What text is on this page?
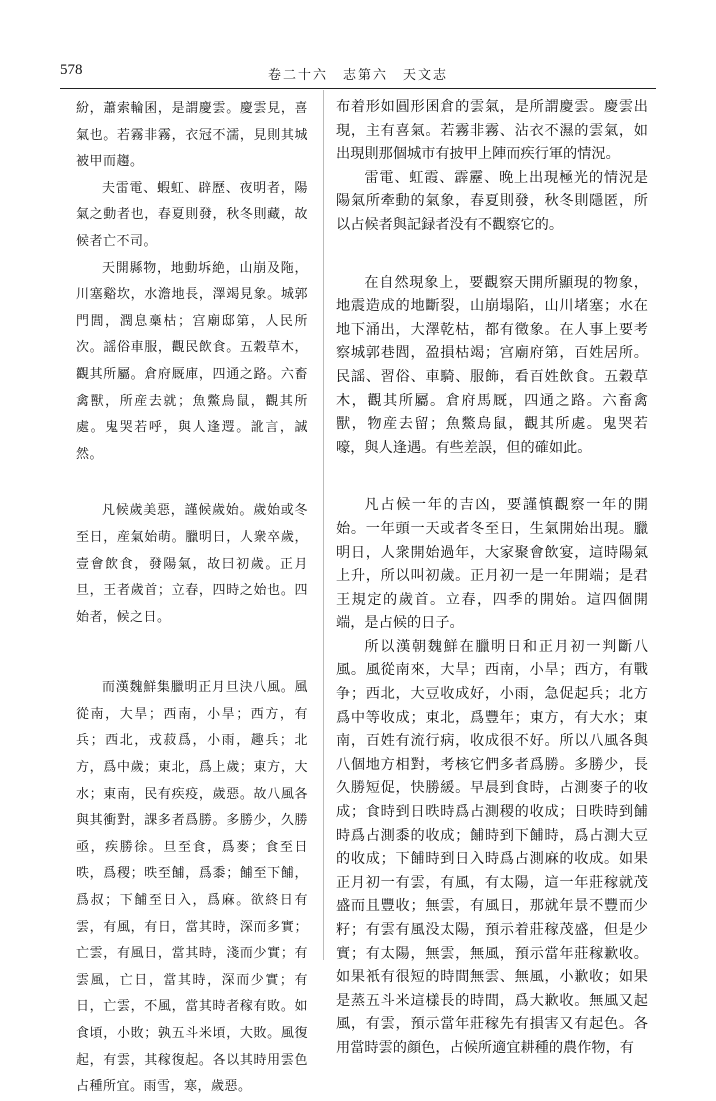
578	卷二十六　志第六　天文志

紛，蕭索輪囷，是謂慶雲。慶雲見，喜氣也。若霧非霧，衣冠不濡，見則其城被甲而趨。

夫雷電、蝦虹、辟歷、夜明者，陽氣之動者也，春夏則發，秋冬則藏，故候者亡不司。

天開縣物，地動坼絶，山崩及陁，川塞谿坎，水澹地長，澤竭見象。城郭門閭，潤息槀枯；宫廟邸第，人民所次。謡俗車服，觀民飲食。五穀草木，觀其所屬。倉府厩庫，四通之路。六畜禽獸，所産去就；魚鱉鳥鼠，觀其所處。鬼哭若呼，與人逢遌。訛言，誠然。

凡候歲美惡，謹候歲始。歲始或冬至日，産氣始萌。臘明日，人衆卒歲，壹會飲食，發陽氣，故曰初歲。正月旦，王者歲首；立春，四時之始也。四始者，候之日。

而漢魏鮮集臘明正月旦決八風。風從南，大旱；西南，小旱；西方，有兵；西北，戎菽爲，小雨，趣兵；北方，爲中歲；東北，爲上歲；東方，大水；東南，民有疾疫，歲惡。故八風各與其衝對，課多者爲勝。多勝少，久勝亟，疾勝徐。旦至食，爲麥；食至日昳，爲稷；昳至餔，爲黍；餔至下餔，爲叔；下餔至日入，爲麻。欲終日有雲，有風，有日，當其時，深而多實；亡雲，有風日，當其時，淺而少實；有雲風，亡日，當其時，深而少實；有日，亡雲，不風，當其時者稼有敗。如食頃，小敗；孰五斗米頃，大敗。風復起，有雲，其稼復起。各以其時用雲色占種所宜。雨雪，寒，歲惡。

布着形如圓形囷倉的雲氣，是所謂慶雲。慶雲出現，主有喜氣。若霧非霧、沾衣不濕的雲氣，如出現則那個城市有披甲上陣而疾行軍的情況。

雷電、虹霞、霹靂、晚上出現極光的情況是陽氣所牽動的氣象，春夏則發，秋冬則隱匿，所以占候者與記録者没有不觀察它的。

在自然現象上，要觀察天開所顯現的物象，地震造成的地斷裂，山崩塌陷，山川堵塞；水在地下涌出，大澤乾枯，都有徵象。在人事上要考察城郭巷閭，盈損枯竭；宫廟府第，百姓居所。民謡、習俗、車騎、服飾，看百姓飲食。五穀草木，觀其所屬。倉府馬厩，四通之路。六畜禽獸，物産去留；魚鱉鳥鼠，觀其所處。鬼哭若嚎，與人逢遇。有些差誤，但的確如此。

凡占候一年的吉凶，要謹慎觀察一年的開始。一年頭一天或者冬至日，生氣開始出現。臘明日，人衆開始過年，大家聚會飲宴，這時陽氣上升，所以叫初歲。正月初一是一年開端；是君王規定的歲首。立春，四季的開始。這四個開端，是占候的日子。

所以漢朝魏鮮在臘明日和正月初一判斷八風。風從南來，大旱；西南，小旱；西方，有戰争；西北，大豆收成好，小雨，急促起兵；北方爲中等收成；東北，爲豐年；東方，有大水；東南，百姓有流行病，收成很不好。所以八風各與八個地方相對，考核它們多者爲勝。多勝少，長久勝短促，快勝緩。早晨到食時，占測麥子的收成；食時到日昳時爲占測稷的收成；日昳時到餔時爲占測黍的收成；餔時到下餔時，爲占測大豆的收成；下餔時到日入時爲占測麻的收成。如果正月初一有雲，有風，有太陽，這一年莊稼就茂盛而且豐收；無雲，有風日，那就年景不豐而少籽；有雲有風没太陽，預示着莊稼茂盛，但是少實；有太陽，無雲，無風，預示當年莊稼歉收。如果衹有很短的時間無雲、無風，小歉收；如果是蒸五斗米這樣長的時間，爲大歉收。無風又起風，有雲，預示當年莊稼先有損害又有起色。各用當時雲的顔色，占候所適宜耕種的農作物，有
